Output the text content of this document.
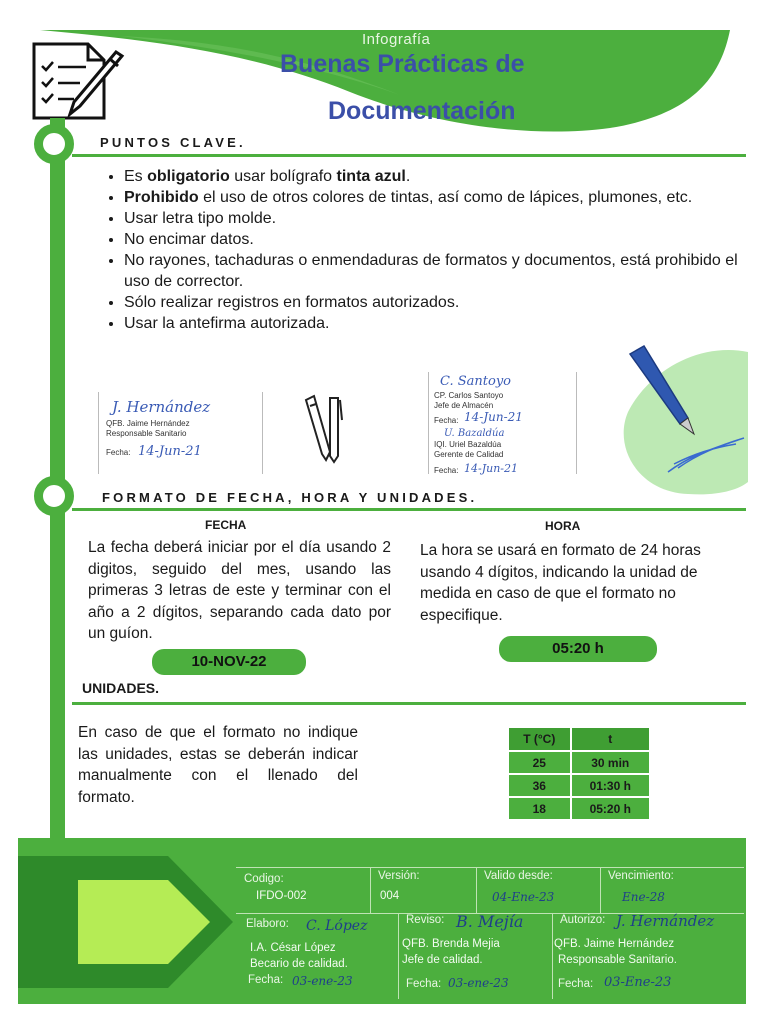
Infografía
Buenas Prácticas de
Documentación
PUNTOS CLAVE.
• Es obligatorio usar bolígrafo tinta azul.
• Prohibido el uso de otros colores de tintas, así como de lápices, plumones, etc.
• Usar letra tipo molde.
• No encimar datos.
• No rayones, tachaduras o enmendaduras de formatos y documentos, está prohibido el uso de corrector.
• Sólo realizar registros en formatos autorizados.
• Usar la antefirma autorizada.
J. Hernández
QFB. Jaime Hernández
Responsable Sanitario
Fecha: 14-Jun-21
C. Santoyo
CP. Carlos Santoyo
Jefe de Almacén
Fecha: 14-Jun-21
U. Bazaldúa
IQI. Uriel Bazaldúa
Gerente de Calidad
Fecha: 14-Jun-21
FORMATO DE FECHA, HORA Y UNIDADES.
FECHA
La fecha deberá iniciar por el día usando 2 digitos, seguido del mes, usando las primeras 3 letras de este y terminar con el año a 2 dígitos, separando cada dato por un guíon.
10-NOV-22
HORA
La hora se usará en formato de 24 horas usando 4 dígitos, indicando la unidad de medida en caso de que el formato no especifique.
05:20 h
UNIDADES.
En caso de que el formato no indique las unidades, estas se deberán indicar manualmente con el llenado del formato.
T (°C)	t
25	30 min
36	01:30 h
18	05:20 h
Codigo:
IFDO-002
Versión:
004
Valido desde:
04-Ene-23
Vencimiento:
Ene-28
Elaboro: C. López
I.A. César López
Becario de calidad.
Fecha: 03-ene-23
Reviso: B. Mejía
QFB. Brenda Mejia
Jefe de calidad.
Fecha: 03-ene-23
Autorizo: J. Hernández
QFB. Jaime Hernández
Responsable Sanitario.
Fecha: 03-Ene-23
